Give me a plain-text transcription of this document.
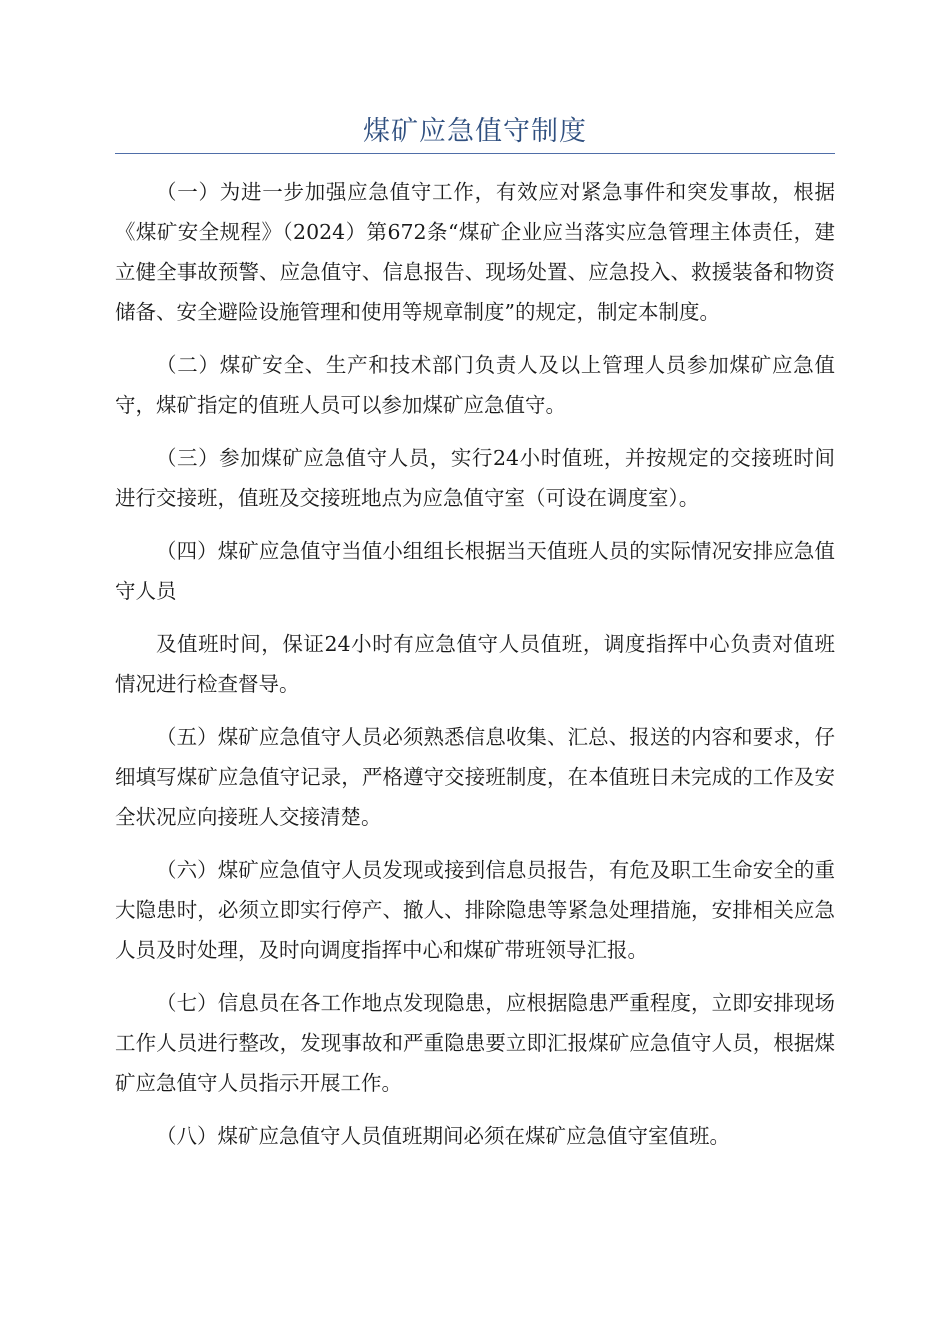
煤矿应急值守制度

（一）为进一步加强应急值守工作，有效应对紧急事件和突发事故，根据《煤矿安全规程》（2024）第672条“煤矿企业应当落实应急管理主体责任，建立健全事故预警、应急值守、信息报告、现场处置、应急投入、救援装备和物资储备、安全避险设施管理和使用等规章制度”的规定，制定本制度。

（二）煤矿安全、生产和技术部门负责人及以上管理人员参加煤矿应急值守，煤矿指定的值班人员可以参加煤矿应急值守。

（三）参加煤矿应急值守人员，实行24小时值班，并按规定的交接班时间进行交接班，值班及交接班地点为应急值守室（可设在调度室）。

（四）煤矿应急值守当值小组组长根据当天值班人员的实际情况安排应急值守人员

及值班时间，保证24小时有应急值守人员值班，调度指挥中心负责对值班情况进行检查督导。

（五）煤矿应急值守人员必须熟悉信息收集、汇总、报送的内容和要求，仔细填写煤矿应急值守记录，严格遵守交接班制度，在本值班日未完成的工作及安全状况应向接班人交接清楚。

（六）煤矿应急值守人员发现或接到信息员报告，有危及职工生命安全的重大隐患时，必须立即实行停产、撤人、排除隐患等紧急处理措施，安排相关应急人员及时处理，及时向调度指挥中心和煤矿带班领导汇报。

（七）信息员在各工作地点发现隐患，应根据隐患严重程度，立即安排现场工作人员进行整改，发现事故和严重隐患要立即汇报煤矿应急值守人员，根据煤矿应急值守人员指示开展工作。

（八）煤矿应急值守人员值班期间必须在煤矿应急值守室值班。
